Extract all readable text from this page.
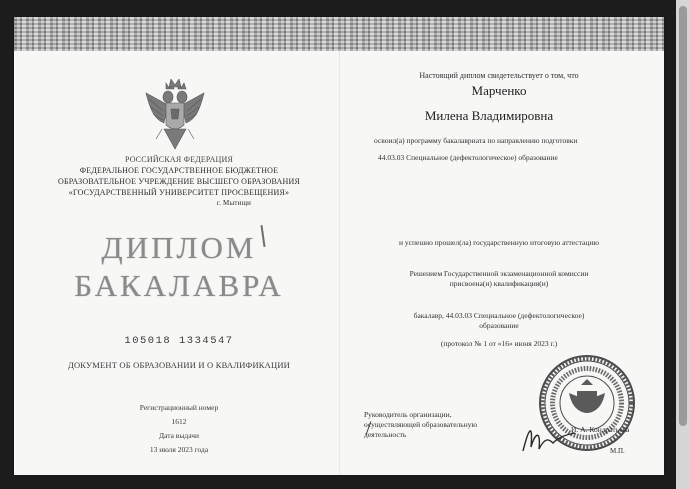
РОССИЙСКАЯ ФЕДЕРАЦИЯ
ФЕДЕРАЛЬНОЕ ГОСУДАРСТВЕННОЕ БЮДЖЕТНОЕ
ОБРАЗОВАТЕЛЬНОЕ УЧРЕЖДЕНИЕ ВЫСШЕГО ОБРАЗОВАНИЯ
«ГОСУДАРСТВЕННЫЙ УНИВЕРСИТЕТ ПРОСВЕЩЕНИЯ»
г. Мытищи
ДИПЛОМ
БАКАЛАВРА
105018 1334547
ДОКУМЕНТ ОБ ОБРАЗОВАНИИ И О КВАЛИФИКАЦИИ
Регистрационный номер
1612
Дата выдачи
13 июля 2023 года
Настоящий диплом свидетельствует о том, что
Марченко
Милена Владимировна
освоил(а) программу бакалавриата по направлению подготовки
44.03.03 Специальное (дефектологическое) образование
и успешно прошел(ла) государственную итоговую аттестацию
Решением Государственной экзаменационной комиссии
присвоена(и) квалификация(и)
бакалавр, 44.03.03 Специальное (дефектологическое)
образование
(протокол № 1 от «16» июня 2023 г.)
Руководитель организации,
осуществляющей образовательную
деятельность
И. А. Кондратьева
М.П.
